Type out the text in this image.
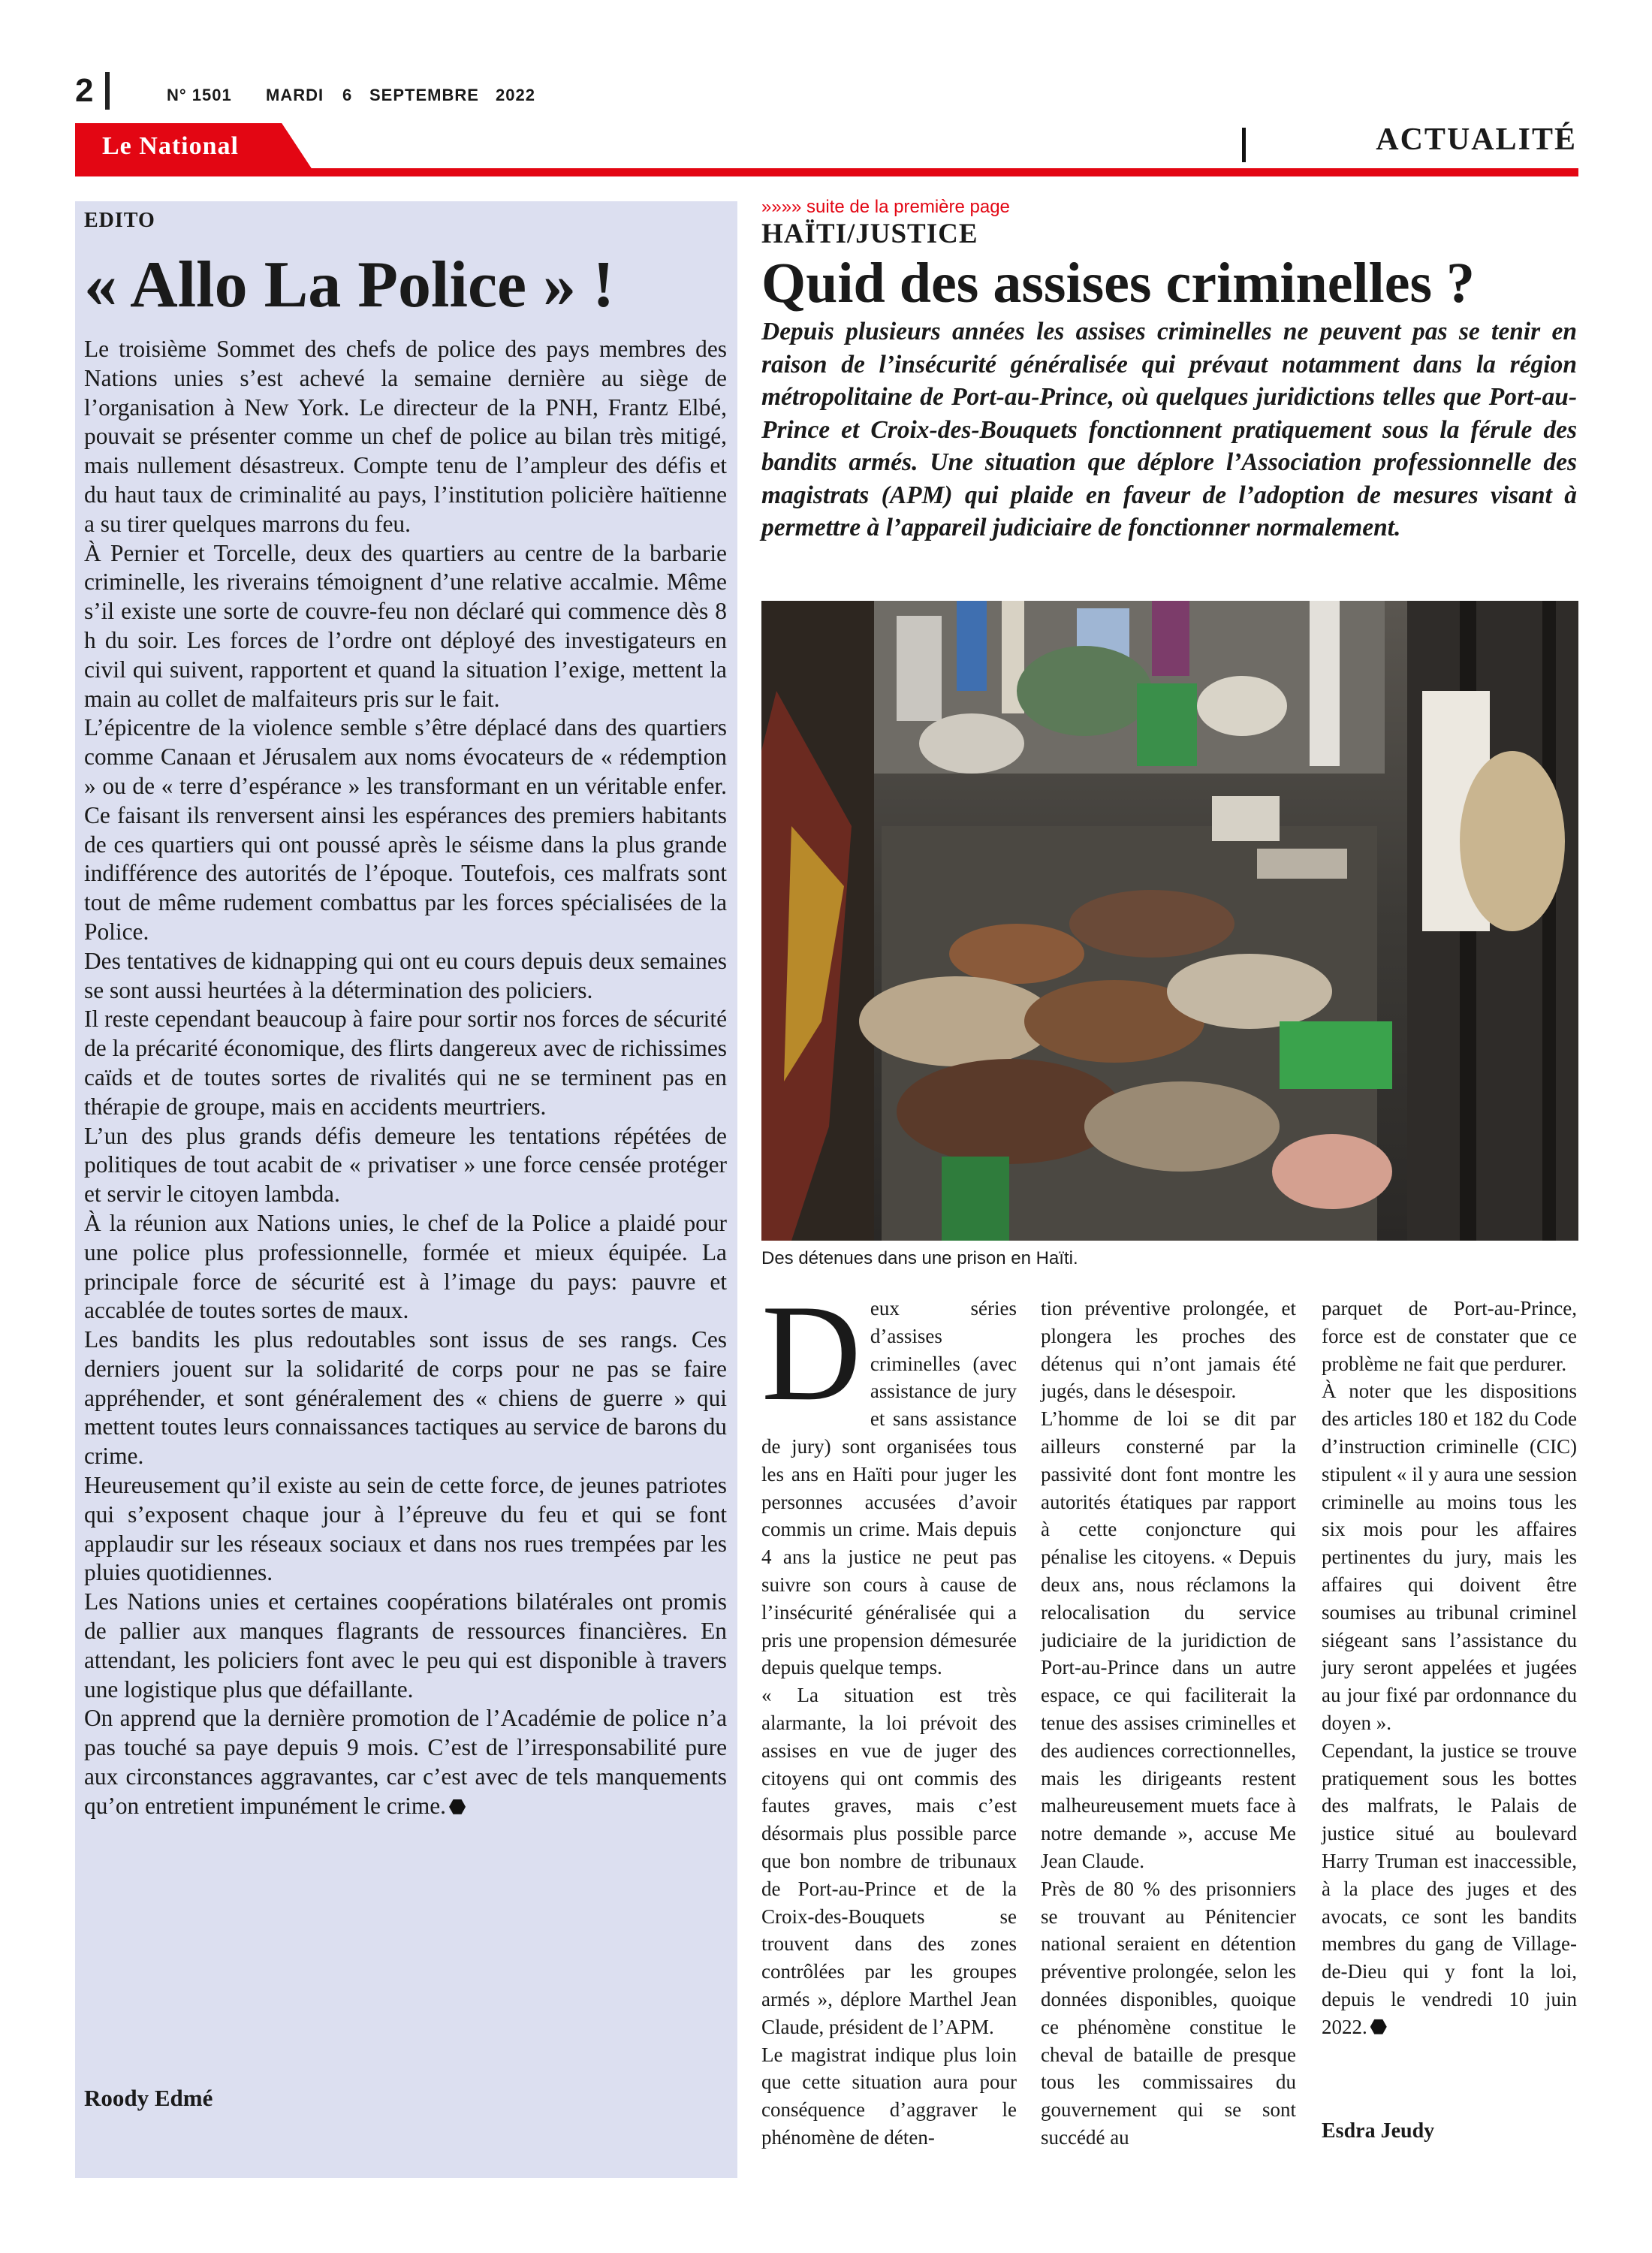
2	N° 1501 MARDI 6 SEPTEMBRE 2022
Le National	ACTUALITÉ
EDITO
« Allo La Police » !

Le troisième Sommet des chefs de police des pays membres des Nations unies s’est achevé la semaine dernière au siège de l’organisation à New York. Le directeur de la PNH, Frantz Elbé, pouvait se présenter comme un chef de police au bilan très mitigé, mais nullement désastreux. Compte tenu de l’ampleur des défis et du haut taux de criminalité au pays, l’institution policière haïtienne a su tirer quelques marrons du feu.

À Pernier et Torcelle, deux des quartiers au centre de la barbarie criminelle, les riverains témoignent d’une relative accalmie. Même s’il existe une sorte de couvre-feu non déclaré qui commence dès 8 h du soir. Les forces de l’ordre ont déployé des investigateurs en civil qui suivent, rapportent et quand la situation l’exige, mettent la main au collet de malfaiteurs pris sur le fait.

L’épicentre de la violence semble s’être déplacé dans des quartiers comme Canaan et Jérusalem aux noms évocateurs de « rédemption » ou de « terre d’espérance » les transformant en un véritable enfer. Ce faisant ils renversent ainsi les espérances des premiers habitants de ces quartiers qui ont poussé après le séisme dans la plus grande indifférence des autorités de l’époque. Toutefois, ces malfrats sont tout de même rudement combattus par les forces spécialisées de la Police.

Des tentatives de kidnapping qui ont eu cours depuis deux semaines se sont aussi heurtées à la détermination des policiers.

Il reste cependant beaucoup à faire pour sortir nos forces de sécurité de la précarité économique, des flirts dangereux avec de richissimes caïds et de toutes sortes de rivalités qui ne se terminent pas en thérapie de groupe, mais en accidents meurtriers.

L’un des plus grands défis demeure les tentations répétées de politiques de tout acabit de « privatiser » une force censée protéger et servir le citoyen lambda.

À la réunion aux Nations unies, le chef de la Police a plaidé pour une police plus professionnelle, formée et mieux équipée. La principale force de sécurité est à l’image du pays: pauvre et accablée de toutes sortes de maux.

Les bandits les plus redoutables sont issus de ses rangs. Ces derniers jouent sur la solidarité de corps pour ne pas se faire appréhender, et sont généralement des « chiens de guerre » qui mettent toutes leurs connaissances tactiques au service de barons du crime.

Heureusement qu’il existe au sein de cette force, de jeunes patriotes qui s’exposent chaque jour à l’épreuve du feu et qui se font applaudir sur les réseaux sociaux et dans nos rues trempées par les pluies quotidiennes.

Les Nations unies et certaines coopérations bilatérales ont promis de pallier aux manques flagrants de ressources financières. En attendant, les policiers font avec le peu qui est disponible à travers une logistique plus que défaillante.

On apprend que la dernière promotion de l’Académie de police n’a pas touché sa paye depuis 9 mois. C’est de l’irresponsabilité pure aux circonstances aggravantes, car c’est avec de tels manquements qu’on entretient impunément le crime.

Roody Edmé
»»»» suite de la première page
HAÏTI/JUSTICE
Quid des assises criminelles ?
Depuis plusieurs années les assises criminelles ne peuvent pas se tenir en raison de l’insécurité généralisée qui prévaut notamment dans la région métropolitaine de Port-au-Prince, où quelques juridictions telles que Port-au-Prince et Croix-des-Bouquets fonctionnent pratiquement sous la férule des bandits armés. Une situation que déplore l’Association professionnelle des magistrats (APM) qui plaide en faveur de l’adoption de mesures visant à permettre à l’appareil judiciaire de fonctionner normalement.
Des détenues dans une prison en Haïti.
D eux séries d’assises criminelles (avec assistance de jury et sans assistance de jury) sont organisées tous les ans en Haïti pour juger les personnes accusées d’avoir commis un crime. Mais depuis 4 ans la justice ne peut pas suivre son cours à cause de l’insécurité généralisée qui a pris une propension démesurée depuis quelque temps.

« La situation est très alarmante, la loi prévoit des assises en vue de juger des citoyens qui ont commis des fautes graves, mais c’est désormais plus possible parce que bon nombre de tribunaux de Port-au-Prince et de la Croix-des-Bouquets se trouvent dans des zones contrôlées par les groupes armés », déplore Marthel Jean Claude, président de l’APM.

Le magistrat indique plus loin que cette situation aura pour conséquence d’aggraver le phénomène de déten-

tion préventive prolongée, et plongera les proches des détenus qui n’ont jamais été jugés, dans le désespoir.

L’homme de loi se dit par ailleurs consterné par la passivité dont font montre les autorités étatiques par rapport à cette conjoncture qui pénalise les citoyens. « Depuis deux ans, nous réclamons la relocalisation du service judiciaire de la juridiction de Port-au-Prince dans un autre espace, ce qui faciliterait la tenue des assises criminelles et des audiences correctionnelles, mais les dirigeants restent malheureusement muets face à notre demande », accuse Me Jean Claude.

Près de 80 % des prisonniers se trouvant au Pénitencier national seraient en détention préventive prolongée, selon les données disponibles, quoique ce phénomène constitue le cheval de bataille de presque tous les commissaires du gouvernement qui se sont succédé au

parquet de Port-au-Prince, force est de constater que ce problème ne fait que perdurer.

À noter que les dispositions des articles 180 et 182 du Code d’instruction criminelle (CIC) stipulent « il y aura une session criminelle au moins tous les six mois pour les affaires pertinentes du jury, mais les affaires qui doivent être soumises au tribunal criminel siégeant sans l’assistance du jury seront appelées et jugées au jour fixé par ordonnance du doyen ».

Cependant, la justice se trouve pratiquement sous les bottes des malfrats, le Palais de justice situé au boulevard Harry Truman est inaccessible, à la place des juges et des avocats, ce sont les bandits membres du gang de Village-de-Dieu qui y font la loi, depuis le vendredi 10 juin 2022.

Esdra Jeudy
